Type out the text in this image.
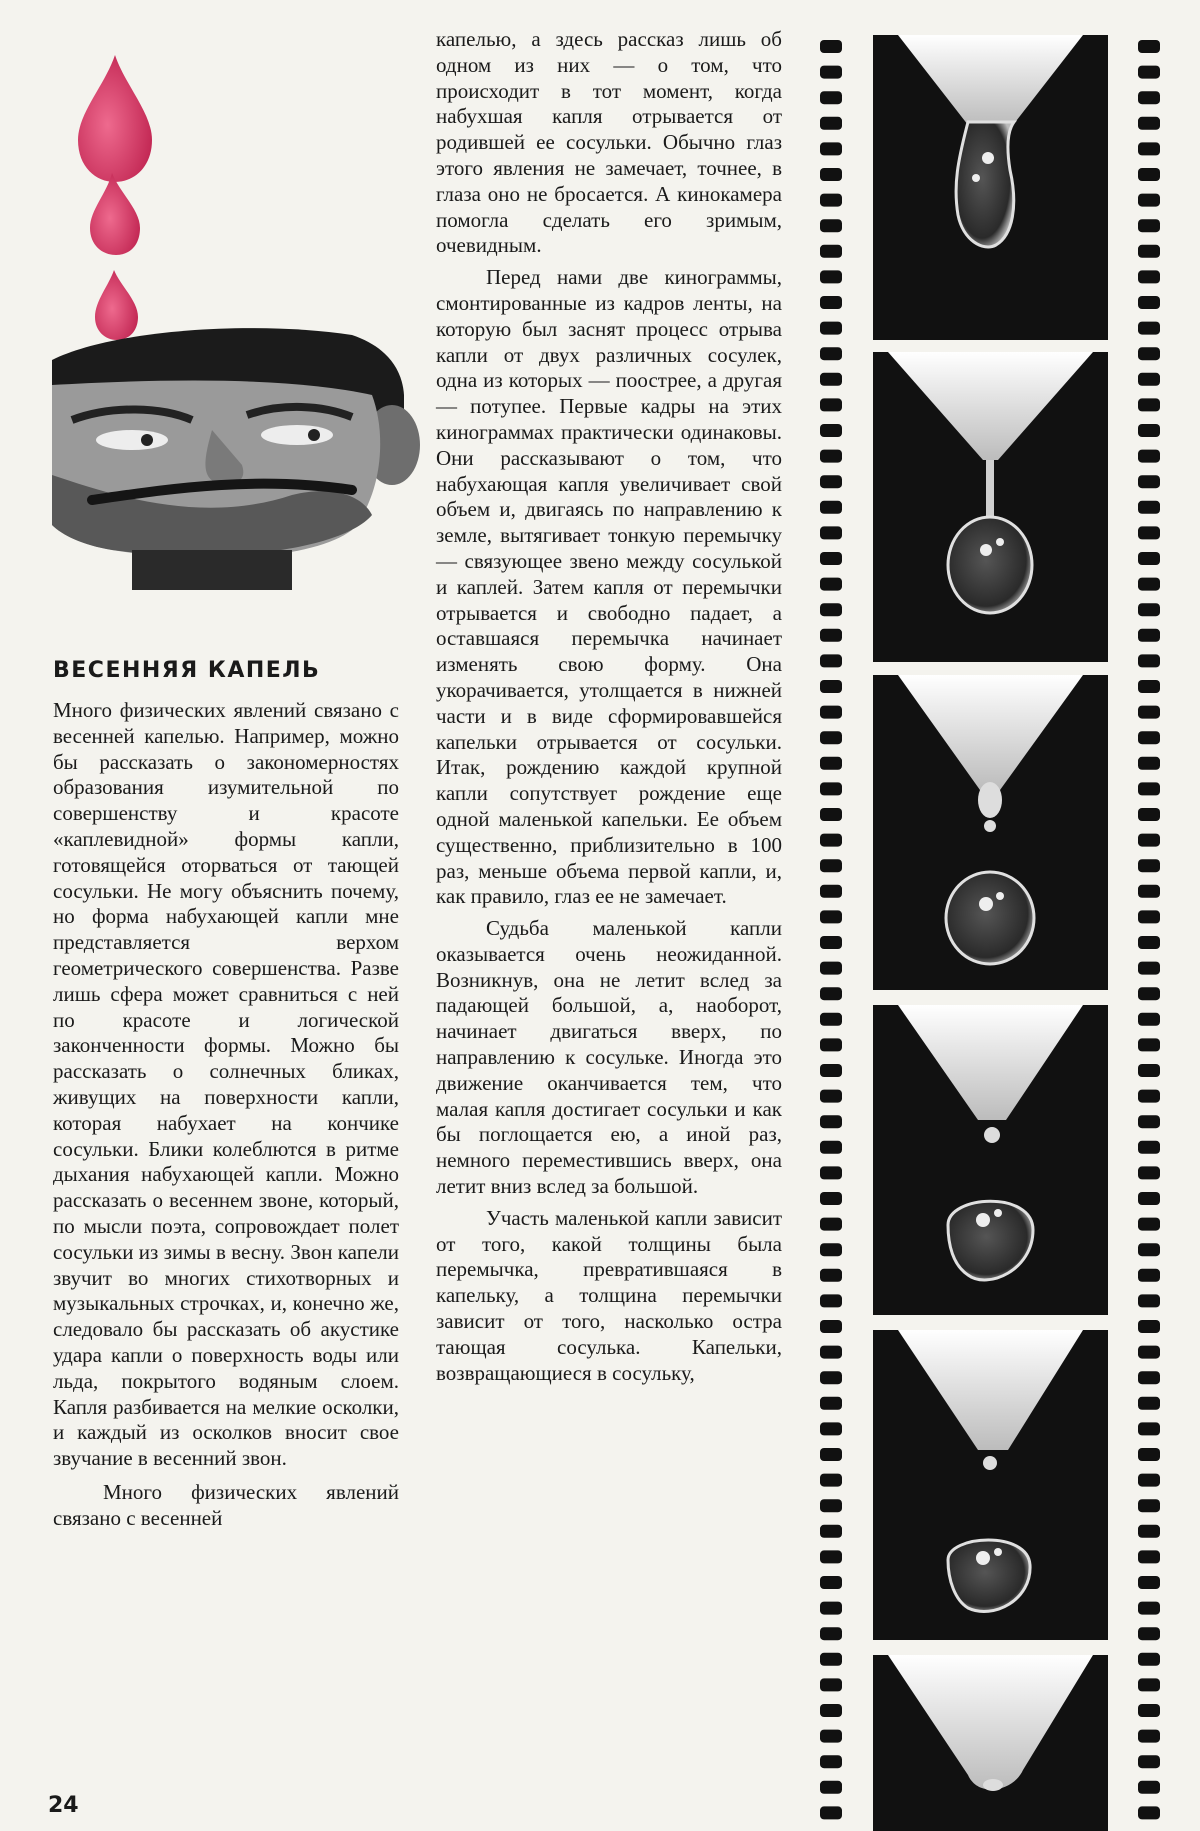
ВЕСЕННЯЯ КАПЕЛЬ

Много физических явлений связано с весенней капелью. Например, можно бы рассказать о закономерностях образования изумительной по совершенству и красоте «каплевидной» формы капли, готовящейся оторваться от тающей сосульки. Не могу объяснить почему, но форма набухающей капли мне представляется верхом геометрического совершенства. Разве лишь сфера может сравниться с ней по красоте и логической законченности формы. Можно бы рассказать о солнечных бликах, живущих на поверхности капли, которая набухает на кончике сосульки. Блики колеблются в ритме дыхания набухающей капли. Можно рассказать о весеннем звоне, который, по мысли поэта, сопровождает полет сосульки из зимы в весну. Звон капели звучит во многих стихотворных и музыкальных строчках, и, конечно же, следовало бы рассказать об акустике удара капли о поверхность воды или льда, покрытого водяным слоем. Капля разбивается на мелкие осколки, и каждый из осколков вносит свое звучание в весенний звон.

Много физических явлений связано с весенней

капелью, а здесь рассказ лишь об одном из них — о том, что происходит в тот момент, когда набухшая капля отрывается от родившей ее сосульки. Обычно глаз этого явления не замечает, точнее, в глаза оно не бросается. А кинокамера помогла сделать его зримым, очевидным.

Перед нами две кинограммы, смонтированные из кадров ленты, на которую был заснят процесс отрыва капли от двух различных сосулек, одна из которых — поострее, а другая — потупее. Первые кадры на этих кинограммах практически одинаковы. Они рассказывают о том, что набухающая капля увеличивает свой объем и, двигаясь по направлению к земле, вытягивает тонкую перемычку — связующее звено между сосулькой и каплей. Затем капля от перемычки отрывается и свободно падает, а оставшаяся перемычка начинает изменять свою форму. Она укорачивается, утолщается в нижней части и в виде сформировавшейся капельки отрывается от сосульки. Итак, рождению каждой крупной капли сопутствует рождение еще одной маленькой капельки. Ее объем существенно, приблизительно в 100 раз, меньше объема первой капли, и, как правило, глаз ее не замечает.

Судьба маленькой капли оказывается очень неожиданной. Возникнув, она не летит вслед за падающей большой, а, наоборот, начинает двигаться вверх, по направлению к сосульке. Иногда это движение оканчивается тем, что малая капля достигает сосульки и как бы поглощается ею, а иной раз, немного переместившись вверх, она летит вниз вслед за большой.

Участь маленькой капли зависит от того, какой толщины была перемычка, превратившаяся в капельку, а толщина перемычки зависит от того, насколько остра тающая сосулька. Капельки, возвращающиеся в сосульку,

24
